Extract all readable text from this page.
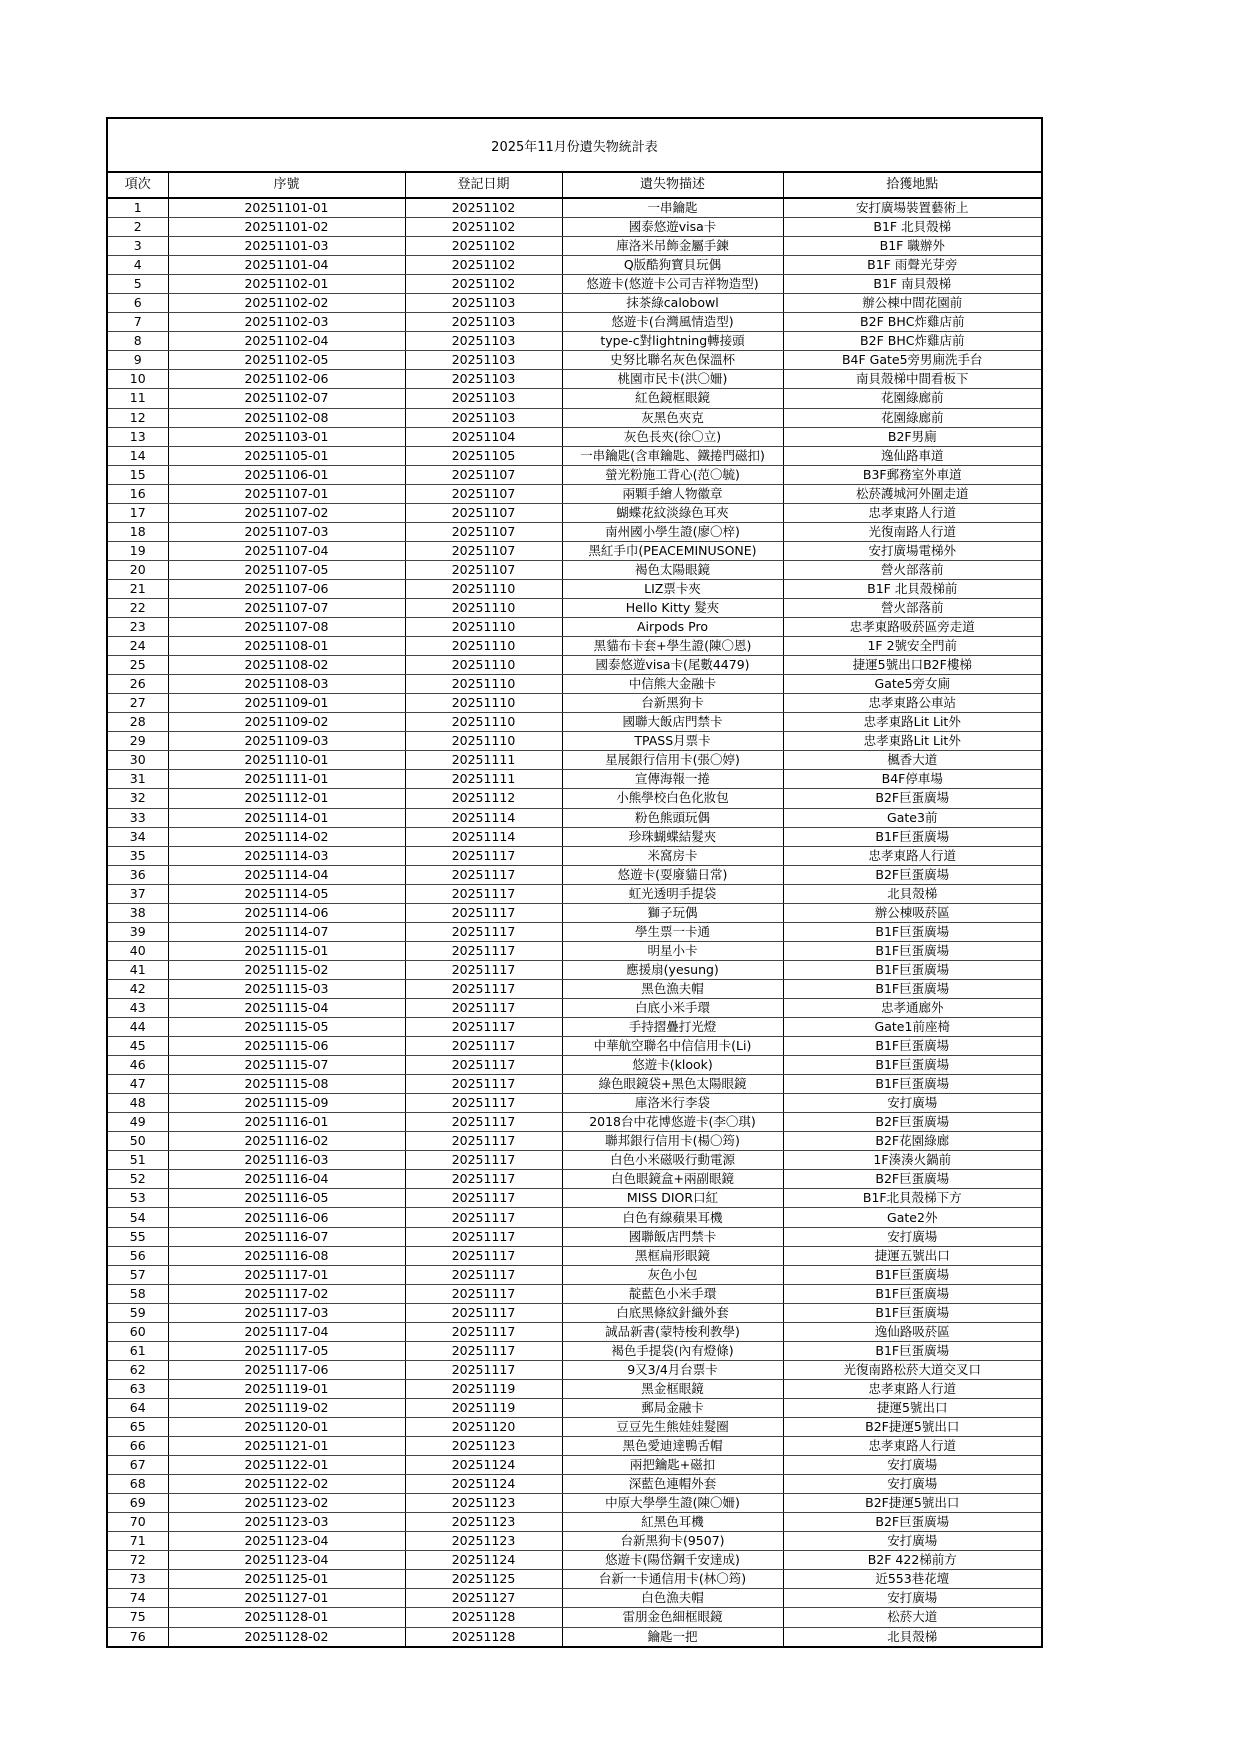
2025年11月份遺失物統計表
項次	序號	登記日期	遺失物描述	拾獲地點
1	20251101-01	20251102	一串鑰匙	安打廣場裝置藝術上
2	20251101-02	20251102	國泰悠遊visa卡	B1F 北貝殼梯
3	20251101-03	20251102	庫洛米吊飾金屬手鍊	B1F 職辦外
4	20251101-04	20251102	Q版酷狗寶貝玩偶	B1F 雨聲光芽旁
5	20251102-01	20251102	悠遊卡(悠遊卡公司吉祥物造型)	B1F 南貝殼梯
6	20251102-02	20251103	抹茶綠calobowl	辦公棟中間花園前
7	20251102-03	20251103	悠遊卡(台灣風情造型)	B2F BHC炸雞店前
8	20251102-04	20251103	type-c對lightning轉接頭	B2F BHC炸雞店前
9	20251102-05	20251103	史努比聯名灰色保溫杯	B4F Gate5旁男廁洗手台
10	20251102-06	20251103	桃園市民卡(洪〇姍)	南貝殼梯中間看板下
11	20251102-07	20251103	紅色鏡框眼鏡	花園綠廊前
12	20251102-08	20251103	灰黑色夾克	花園綠廊前
13	20251103-01	20251104	灰色長夾(徐〇立)	B2F男廁
14	20251105-01	20251105	一串鑰匙(含車鑰匙、鐵捲門磁扣)	逸仙路車道
15	20251106-01	20251107	螢光粉施工背心(范〇毓)	B3F郵務室外車道
16	20251107-01	20251107	兩顆手繪人物徽章	松菸護城河外圍走道
17	20251107-02	20251107	蝴蝶花紋淡綠色耳夾	忠孝東路人行道
18	20251107-03	20251107	南州國小學生證(廖〇梓)	光復南路人行道
19	20251107-04	20251107	黑紅手巾(PEACEMINUSONE)	安打廣場電梯外
20	20251107-05	20251107	褐色太陽眼鏡	營火部落前
21	20251107-06	20251110	LIZ票卡夾	B1F 北貝殼梯前
22	20251107-07	20251110	Hello Kitty 髮夾	營火部落前
23	20251107-08	20251110	Airpods Pro	忠孝東路吸菸區旁走道
24	20251108-01	20251110	黑貓布卡套+學生證(陳〇恩)	1F 2號安全門前
25	20251108-02	20251110	國泰悠遊visa卡(尾數4479)	捷運5號出口B2F樓梯
26	20251108-03	20251110	中信熊大金融卡	Gate5旁女廁
27	20251109-01	20251110	台新黑狗卡	忠孝東路公車站
28	20251109-02	20251110	國聯大飯店門禁卡	忠孝東路Lit Lit外
29	20251109-03	20251110	TPASS月票卡	忠孝東路Lit Lit外
30	20251110-01	20251111	星展銀行信用卡(張〇婷)	楓香大道
31	20251111-01	20251111	宣傳海報一捲	B4F停車場
32	20251112-01	20251112	小熊學校白色化妝包	B2F巨蛋廣場
33	20251114-01	20251114	粉色熊頭玩偶	Gate3前
34	20251114-02	20251114	珍珠蝴蝶結髮夾	B1F巨蛋廣場
35	20251114-03	20251117	米窩房卡	忠孝東路人行道
36	20251114-04	20251117	悠遊卡(耍廢貓日常)	B2F巨蛋廣場
37	20251114-05	20251117	虹光透明手提袋	北貝殼梯
38	20251114-06	20251117	獅子玩偶	辦公棟吸菸區
39	20251114-07	20251117	學生票一卡通	B1F巨蛋廣場
40	20251115-01	20251117	明星小卡	B1F巨蛋廣場
41	20251115-02	20251117	應援扇(yesung)	B1F巨蛋廣場
42	20251115-03	20251117	黑色漁夫帽	B1F巨蛋廣場
43	20251115-04	20251117	白底小米手環	忠孝通廊外
44	20251115-05	20251117	手持摺疊打光燈	Gate1前座椅
45	20251115-06	20251117	中華航空聯名中信信用卡(Li)	B1F巨蛋廣場
46	20251115-07	20251117	悠遊卡(klook)	B1F巨蛋廣場
47	20251115-08	20251117	綠色眼鏡袋+黑色太陽眼鏡	B1F巨蛋廣場
48	20251115-09	20251117	庫洛米行李袋	安打廣場
49	20251116-01	20251117	2018台中花博悠遊卡(李〇琪)	B2F巨蛋廣場
50	20251116-02	20251117	聯邦銀行信用卡(楊〇筠)	B2F花園綠廊
51	20251116-03	20251117	白色小米磁吸行動電源	1F湊湊火鍋前
52	20251116-04	20251117	白色眼鏡盒+兩副眼鏡	B2F巨蛋廣場
53	20251116-05	20251117	MISS DIOR口紅	B1F北貝殼梯下方
54	20251116-06	20251117	白色有線蘋果耳機	Gate2外
55	20251116-07	20251117	國聯飯店門禁卡	安打廣場
56	20251116-08	20251117	黑框扁形眼鏡	捷運五號出口
57	20251117-01	20251117	灰色小包	B1F巨蛋廣場
58	20251117-02	20251117	靛藍色小米手環	B1F巨蛋廣場
59	20251117-03	20251117	白底黑條紋針織外套	B1F巨蛋廣場
60	20251117-04	20251117	誠品新書(蒙特梭利教學)	逸仙路吸菸區
61	20251117-05	20251117	褐色手提袋(內有燈條)	B1F巨蛋廣場
62	20251117-06	20251117	9又3/4月台票卡	光復南路松菸大道交叉口
63	20251119-01	20251119	黑金框眼鏡	忠孝東路人行道
64	20251119-02	20251119	郵局金融卡	捷運5號出口
65	20251120-01	20251120	豆豆先生熊娃娃髮圈	B2F捷運5號出口
66	20251121-01	20251123	黑色愛迪達鴨舌帽	忠孝東路人行道
67	20251122-01	20251124	兩把鑰匙+磁扣	安打廣場
68	20251122-02	20251124	深藍色連帽外套	安打廣場
69	20251123-02	20251123	中原大學學生證(陳〇姍)	B2F捷運5號出口
70	20251123-03	20251123	紅黑色耳機	B2F巨蛋廣場
71	20251123-04	20251123	台新黑狗卡(9507)	安打廣場
72	20251123-04	20251124	悠遊卡(陽岱鋼千安達成)	B2F 422梯前方
73	20251125-01	20251125	台新一卡通信用卡(林〇筠)	近553巷花壇
74	20251127-01	20251127	白色漁夫帽	安打廣場
75	20251128-01	20251128	雷朋金色細框眼鏡	松菸大道
76	20251128-02	20251128	鑰匙一把	北貝殼梯
